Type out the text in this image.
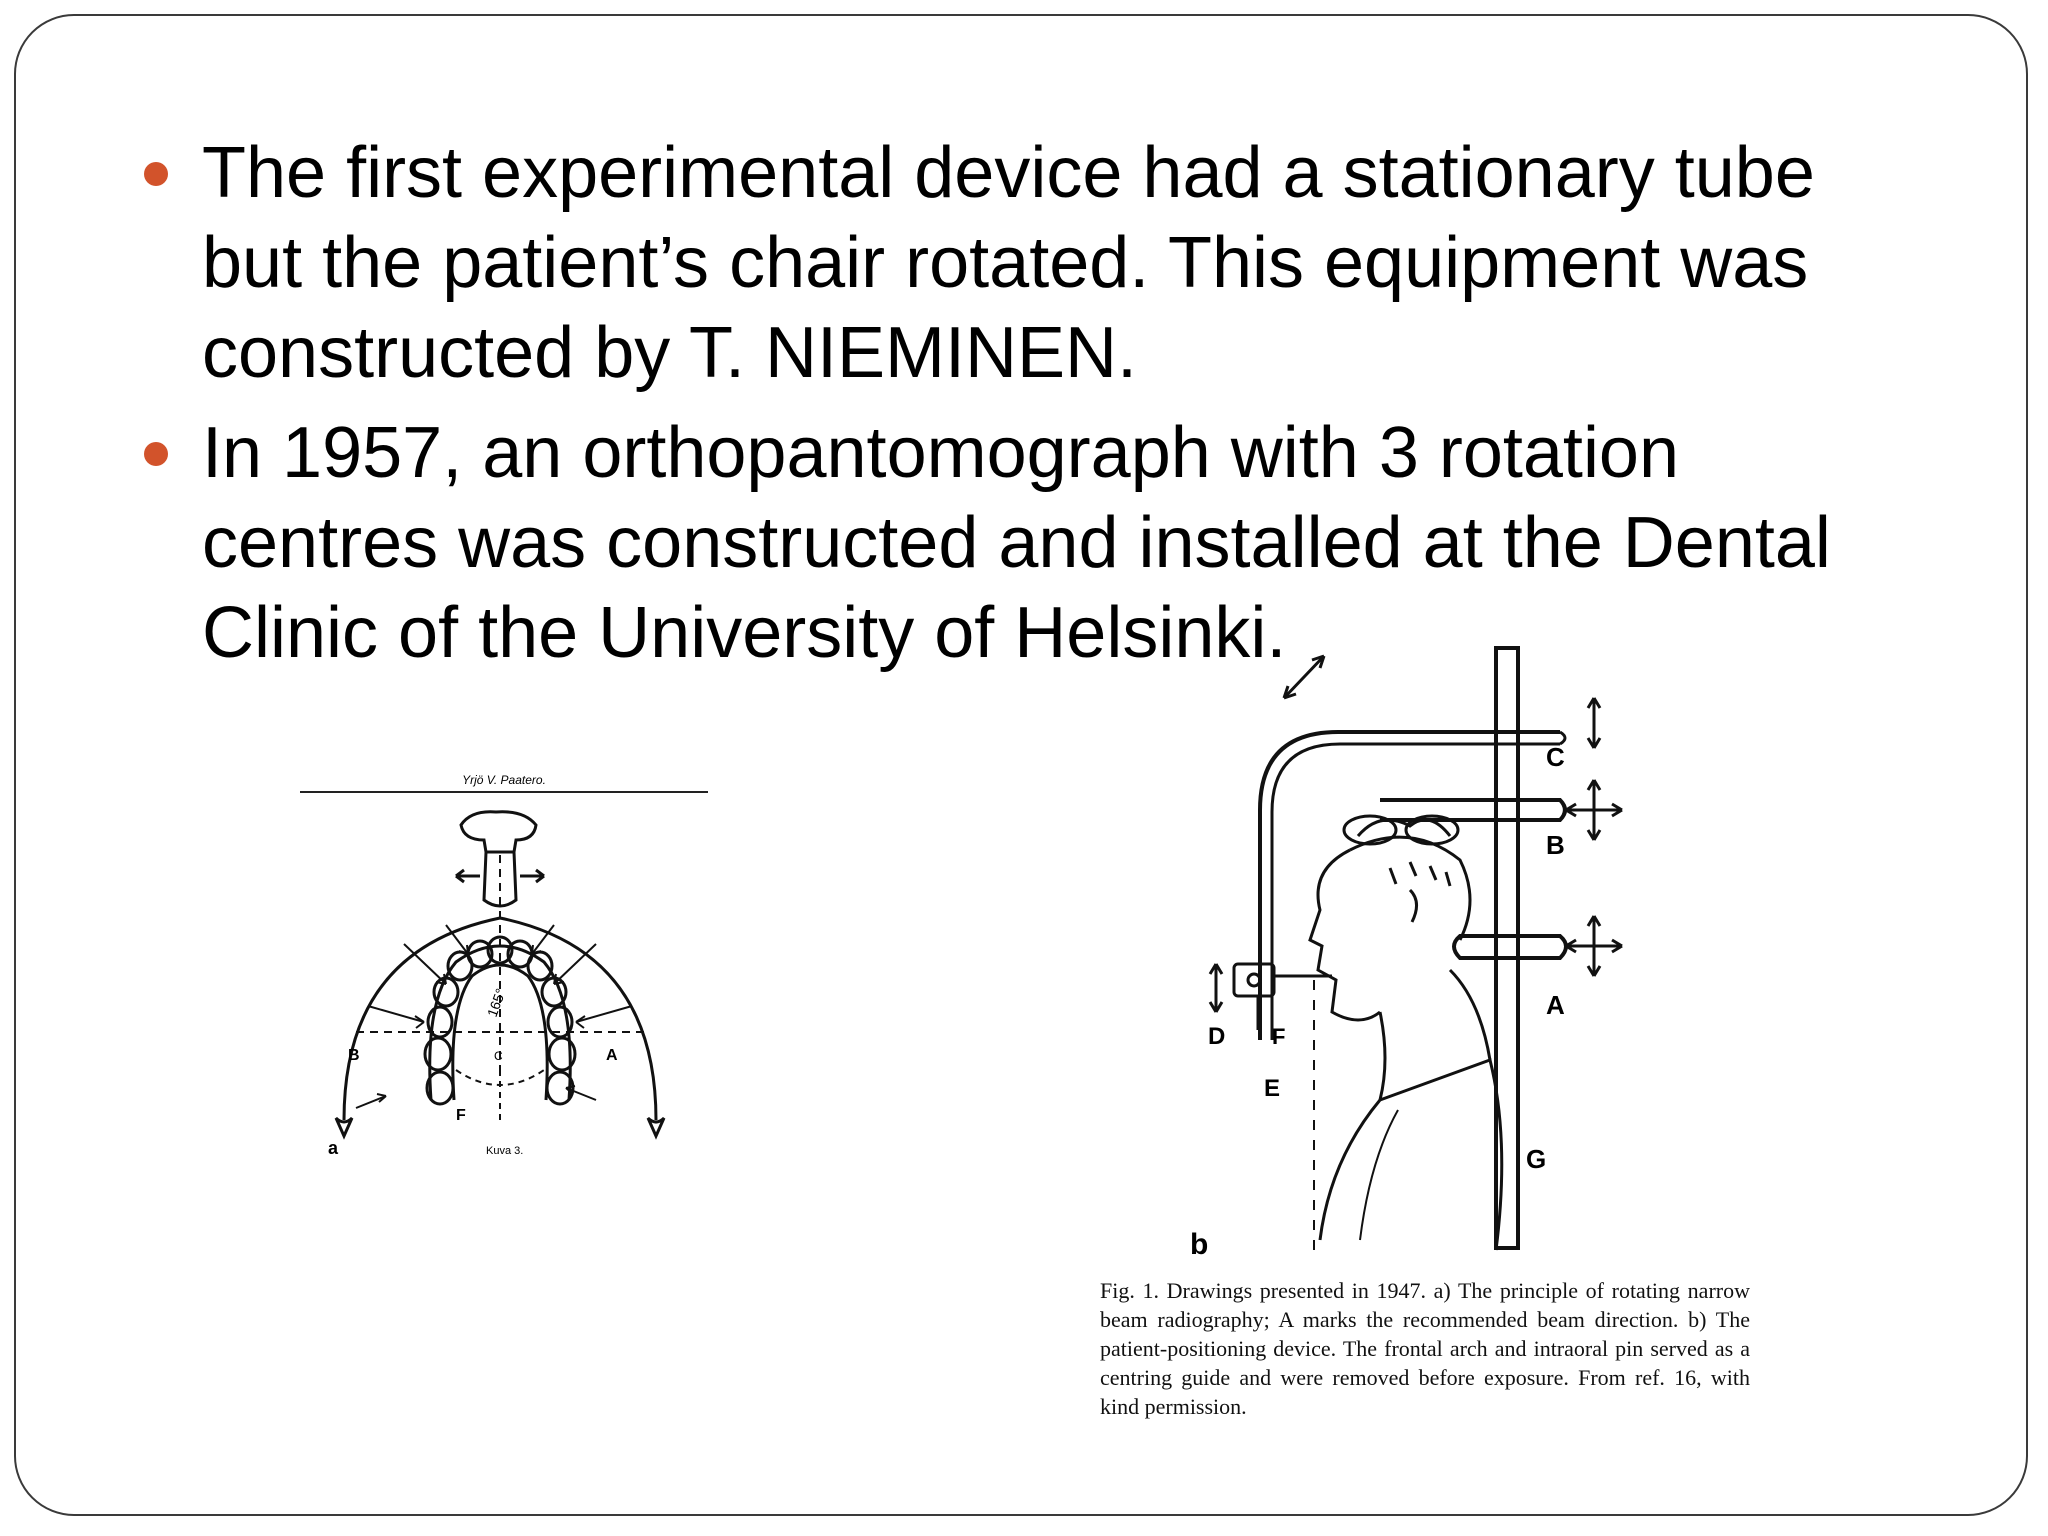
The first experimental device had a stationary tube but the patient’s chair rotated. This equipment was constructed by T. NIEMINEN.
In 1957, an orthopantomograph with 3 rotation centres was constructed and installed at the Dental Clinic of the University of Helsinki.
Yrjö V. Paatero.
165°
C
B	A
F
a	Kuva 3.
C
B
A
G
D F
E
b
Fig. 1. Drawings presented in 1947. a) The principle of rotating narrow beam radiography; A marks the recommended beam direction. b) The patient-positioning device. The frontal arch and intraoral pin served as a centring guide and were removed before exposure. From ref. 16, with kind permission.
